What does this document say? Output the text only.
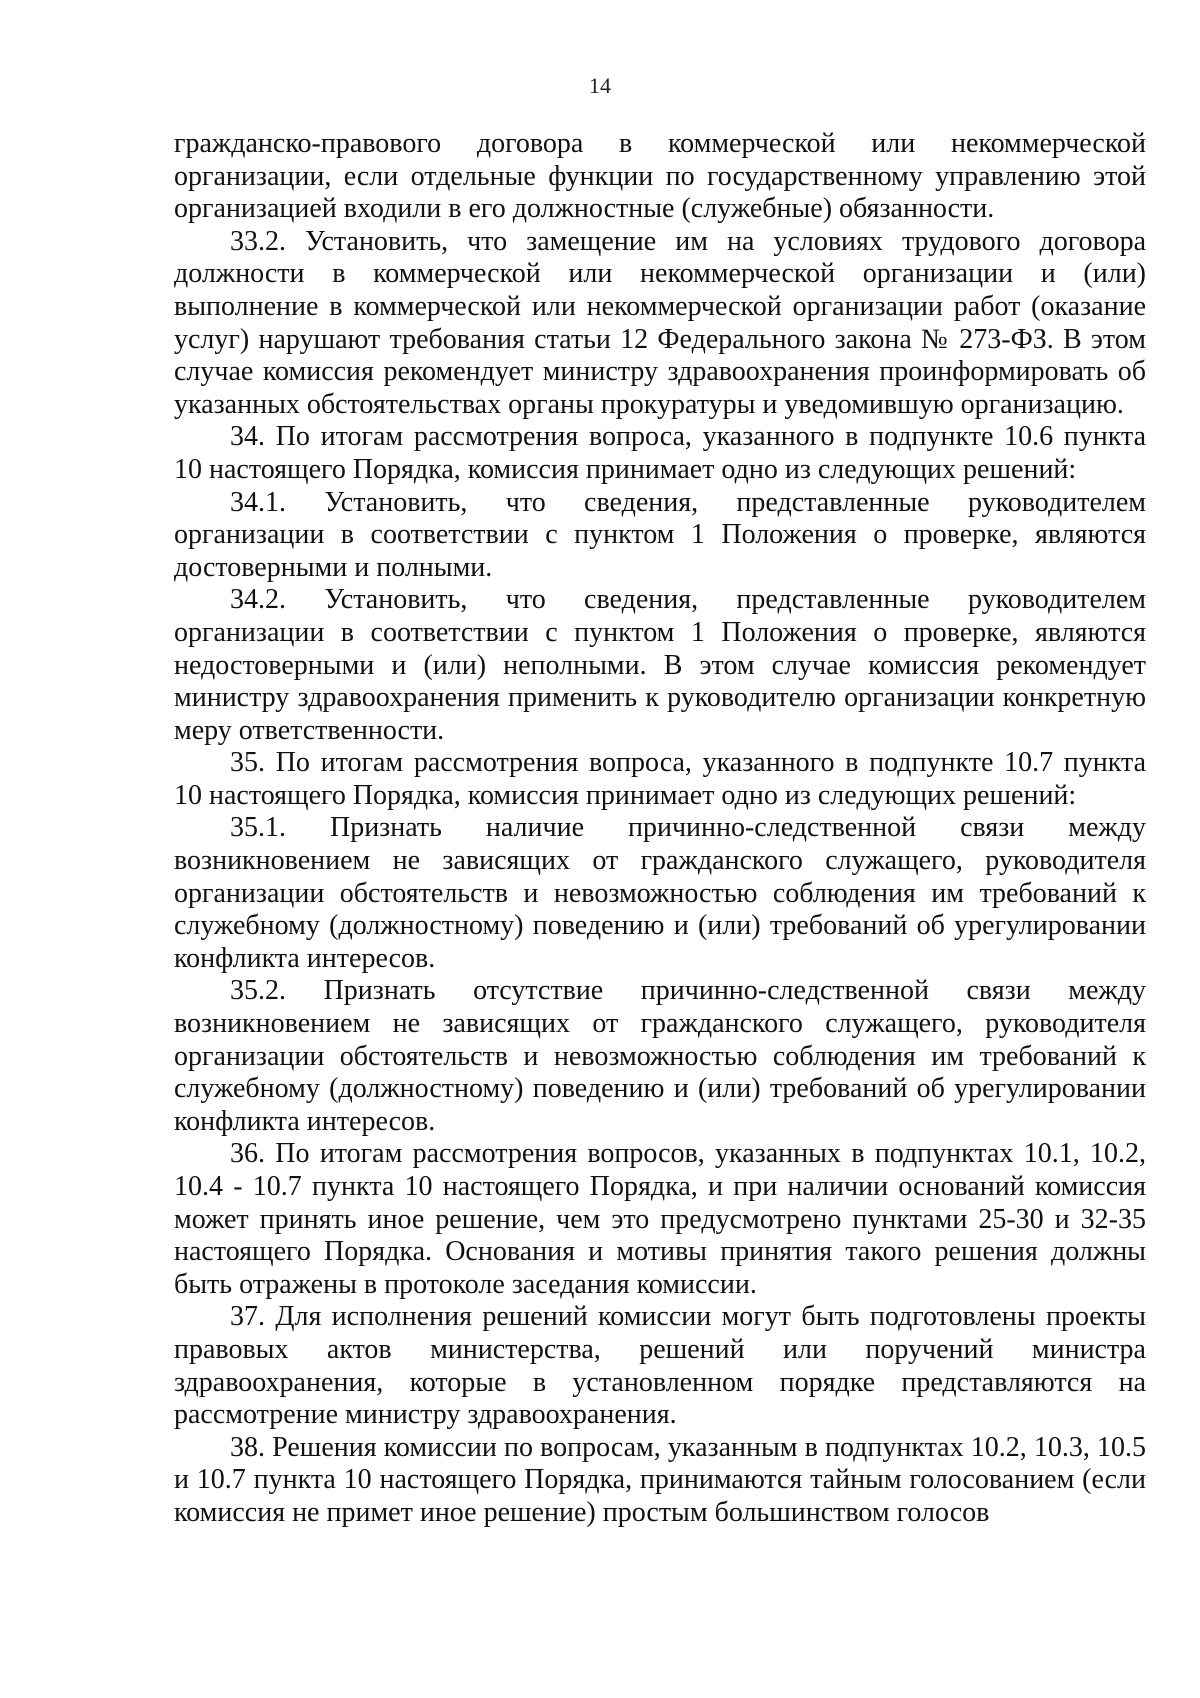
14

гражданско-правового договора в коммерческой или некоммерческой организации, если отдельные функции по государственному управлению этой организацией входили в его должностные (служебные) обязанности.

33.2. Установить, что замещение им на условиях трудового договора должности в коммерческой или некоммерческой организации и (или) выполнение в коммерческой или некоммерческой организации работ (оказание услуг) нарушают требования статьи 12 Федерального закона № 273-ФЗ. В этом случае комиссия рекомендует министру здравоохранения проинформировать об указанных обстоятельствах органы прокуратуры и уведомившую организацию.

34. По итогам рассмотрения вопроса, указанного в подпункте 10.6 пункта 10 настоящего Порядка, комиссия принимает одно из следующих решений:

34.1. Установить, что сведения, представленные руководителем организации в соответствии с пунктом 1 Положения о проверке, являются достоверными и полными.

34.2. Установить, что сведения, представленные руководителем организации в соответствии с пунктом 1 Положения о проверке, являются недостоверными и (или) неполными. В этом случае комиссия рекомендует министру здравоохранения применить к руководителю организации конкретную меру ответственности.

35. По итогам рассмотрения вопроса, указанного в подпункте 10.7 пункта 10 настоящего Порядка, комиссия принимает одно из следующих решений:

35.1. Признать наличие причинно-следственной связи между возникновением не зависящих от гражданского служащего, руководителя организации обстоятельств и невозможностью соблюдения им требований к служебному (должностному) поведению и (или) требований об урегулировании конфликта интересов.

35.2. Признать отсутствие причинно-следственной связи между возникновением не зависящих от гражданского служащего, руководителя организации обстоятельств и невозможностью соблюдения им требований к служебному (должностному) поведению и (или) требований об урегулировании конфликта интересов.

36. По итогам рассмотрения вопросов, указанных в подпунктах 10.1, 10.2, 10.4 - 10.7 пункта 10 настоящего Порядка, и при наличии оснований комиссия может принять иное решение, чем это предусмотрено пунктами 25-30 и 32-35 настоящего Порядка. Основания и мотивы принятия такого решения должны быть отражены в протоколе заседания комиссии.

37. Для исполнения решений комиссии могут быть подготовлены проекты правовых актов министерства, решений или поручений министра здравоохранения, которые в установленном порядке представляются на рассмотрение министру здравоохранения.

38. Решения комиссии по вопросам, указанным в подпунктах 10.2, 10.3, 10.5 и 10.7 пункта 10 настоящего Порядка, принимаются тайным голосованием (если комиссия не примет иное решение) простым большинством голосов
